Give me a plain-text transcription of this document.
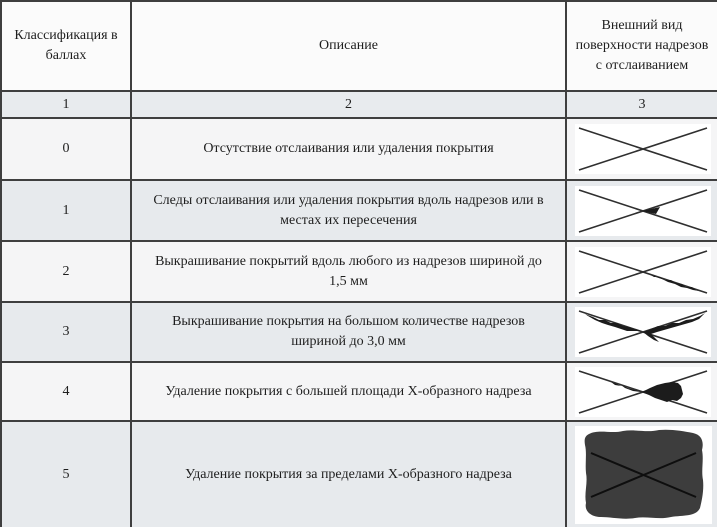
Классификация в баллах	Описание	Внешний вид поверхности надрезов с отслаиванием
1	2	3
0	Отсутствие отслаивания или удаления покрытия

1	Следы отслаивания или удаления покрытия вдоль надрезов или в местах их пересечения

2	Выкрашивание покрытий вдоль любого из надрезов шириной до 1,5 мм

3	Выкрашивание покрытия на большом количестве надрезов шириной до 3,0 мм

4	Удаление покрытия с большей площади Х-образного надреза

5	Удаление покрытия за пределами Х-образного надреза
